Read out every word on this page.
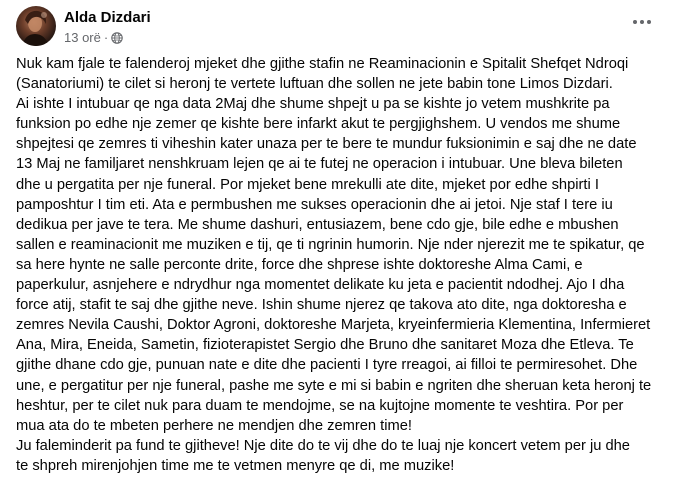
Alda Dizdari
13 orë ·

Nuk kam fjale te falenderoj mjeket dhe gjithe stafin ne Reaminacionin e Spitalit Shefqet Ndroqi
(Sanatoriumi) te cilet si heronj te vertete luftuan dhe sollen ne jete babin tone Limos Dizdari.
Ai ishte I intubuar qe nga data 2Maj dhe shume shpejt u pa se kishte jo vetem mushkrite pa
funksion po edhe nje zemer qe kishte bere infarkt akut te pergjighshem. U vendos me shume
shpejtesi qe zemres ti viheshin kater unaza per te bere te mundur fuksionimin e saj dhe ne date
13 Maj ne familjaret nenshkruam lejen qe ai te futej ne operacion i intubuar. Une bleva bileten
dhe u pergatita per nje funeral. Por mjeket bene mrekulli ate dite, mjeket por edhe shpirti I
pamposhtur I tim eti. Ata e permbushen me sukses operacionin dhe ai jetoi. Nje staf I tere iu
dedikua per jave te tera. Me shume dashuri, entusiazem, bene cdo gje, bile edhe e mbushen
sallen e reaminacionit me muziken e tij, qe ti ngrinin humorin. Nje nder njerezit me te spikatur, qe
sa here hynte ne salle perconte drite, force dhe shprese ishte doktoreshe Alma Cami, e
paperkulur, asnjehere e ndrydhur nga momentet delikate ku jeta e pacientit ndodhej. Ajo I dha
force atij, stafit te saj dhe gjithe neve. Ishin shume njerez qe takova ato dite, nga doktoresha e
zemres Nevila Caushi, Doktor Agroni, doktoreshe Marjeta, kryeinfermieria Klementina, Infermieret
Ana, Mira, Eneida, Sametin, fizioterapistet Sergio dhe Bruno dhe sanitaret Moza dhe Etleva. Te
gjithe dhane cdo gje, punuan nate e dite dhe pacienti I tyre rreagoi, ai filloi te permiresohet. Dhe
une, e pergatitur per nje funeral, pashe me syte e mi si babin e ngriten dhe sheruan keta heronj te
heshtur, per te cilet nuk para duam te mendojme, se na kujtojne momente te veshtira. Por per
mua ata do te mbeten perhere ne mendjen dhe zemren time!

Ju faleminderit pa fund te gjitheve! Nje dite do te vij dhe do te luaj nje koncert vetem per ju dhe
te shpreh mirenjohjen time me te vetmen menyre qe di, me muzike!
